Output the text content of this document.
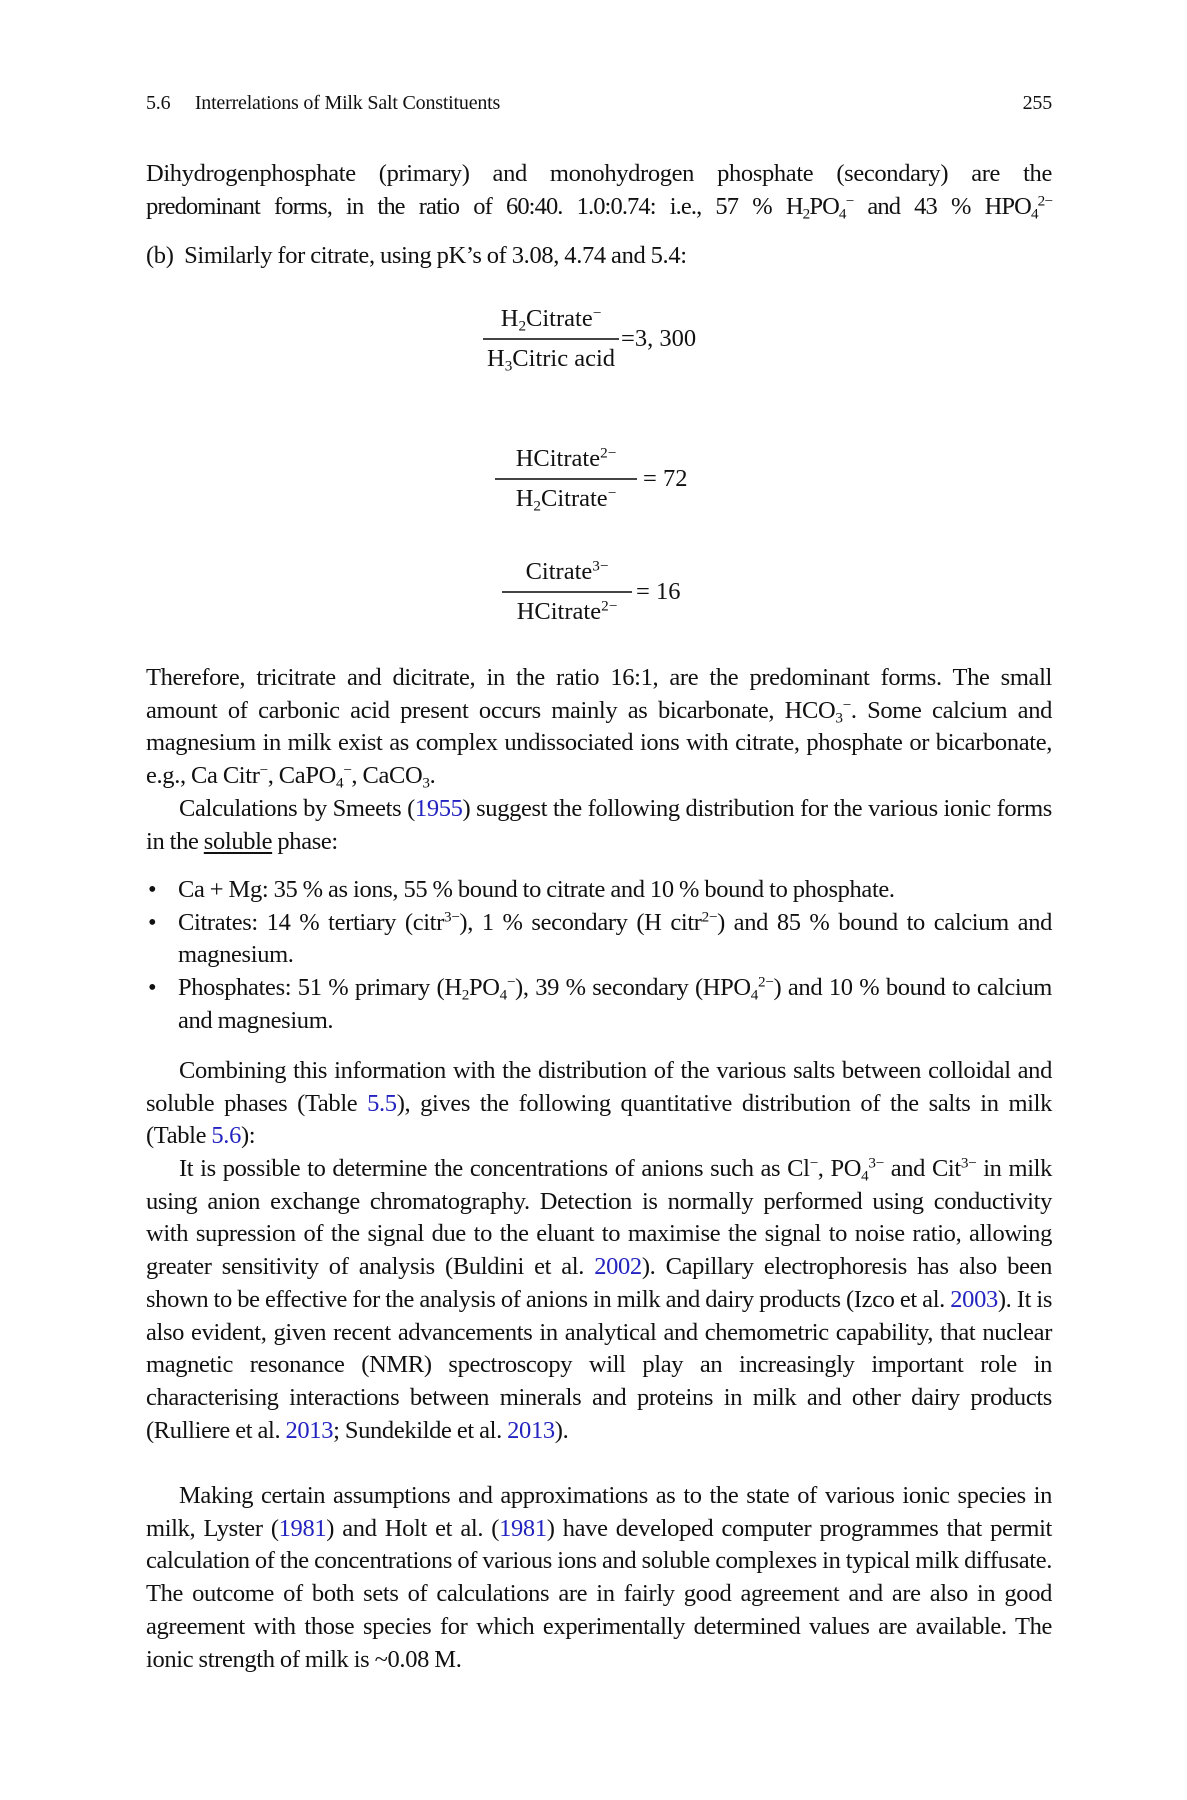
5.6 Interrelations of Milk Salt Constituents	255
Dihydrogenphosphate (primary) and monohydrogen phosphate (secondary) are the
predominant forms, in the ratio of 60:40. 1.0:0.74: i.e., 57 % $H_2PO_4^-$ and 43 % $HPO_4^{2-}$
(b) Similarly for citrate, using pK’s of 3.08, 4.74 and 5.4:
$\frac{H_2Citrate^-}{H_3Citric acid} =3$, 300
$\frac{HCitrate^{2-}}{H_2Citrate^-} = 72$
$\frac{Citrate^{3-}}{HCitrate^{2-}} = 16$
Therefore, tricitrate and dicitrate, in the ratio 16:1, are the predominant forms. The small amount of carbonic acid present occurs mainly as bicarbonate, $HCO_3^-$. Some calcium and magnesium in milk exist as complex undissociated ions with citrate, phosphate or bicarbonate, e.g., Ca Citr−, CaPO$_4$−, CaCO$_3$.
Calculations by Smeets (1955) suggest the following distribution for the various ionic forms in the soluble phase:
• Ca + Mg: 35 % as ions, 55 % bound to citrate and 10 % bound to phosphate.
• Citrates: 14 % tertiary (citr$^{3-}$), 1 % secondary (H citr$^{2-}$) and 85 % bound to calcium and magnesium.
• Phosphates: 51 % primary $(H_2PO_4^-)$, 39 % secondary $(HPO_4^{2-})$ and 10 % bound to calcium and magnesium.
Combining this information with the distribution of the various salts between colloidal and soluble phases (Table 5.5), gives the following quantitative distribution of the salts in milk (Table 5.6):
It is possible to determine the concentrations of anions such as Cl−, $PO_4^{3-}$ and Cit$^{3-}$ in milk using anion exchange chromatography. Detection is normally performed using conductivity with supression of the signal due to the eluant to maximise the signal to noise ratio, allowing greater sensitivity of analysis (Buldini et al. 2002). Capillary electrophoresis has also been shown to be effective for the analysis of anions in milk and dairy products (Izco et al. 2003). It is also evident, given recent advancements in analytical and chemometric capability, that nuclear magnetic resonance (NMR) spectroscopy will play an increasingly important role in characterising interactions between minerals and proteins in milk and other dairy products (Rulliere et al. 2013; Sundekilde et al. 2013).
Making certain assumptions and approximations as to the state of various ionic species in milk, Lyster (1981) and Holt et al. (1981) have developed computer programmes that permit calculation of the concentrations of various ions and soluble complexes in typical milk diffusate. The outcome of both sets of calculations are in fairly good agreement and are also in good agreement with those species for which experimentally determined values are available. The ionic strength of milk is ~0.08 M.
